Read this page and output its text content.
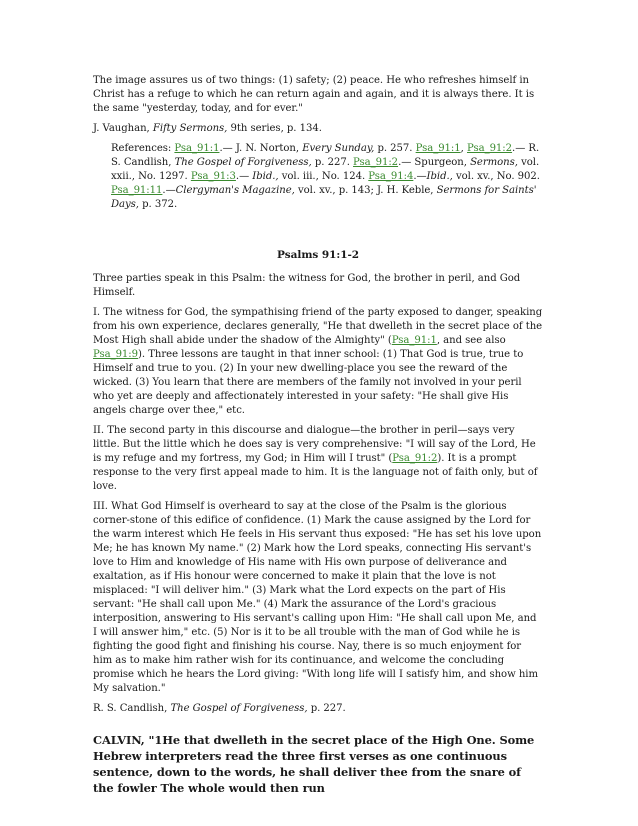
The image assures us of two things: (1) safety; (2) peace. He who refreshes himself in Christ has a refuge to which he can return again and again, and it is always there. It is the same "yesterday, today, and for ever."

J. Vaughan, Fifty Sermons, 9th series, p. 134.

References: Psa_91:1.— J. N. Norton, Every Sunday, p. 257. Psa_91:1, Psa_91:2.— R. S. Candlish, The Gospel of Forgiveness, p. 227. Psa_91:2.— Spurgeon, Sermons, vol. xxii., No. 1297. Psa_91:3.— Ibid., vol. iii., No. 124. Psa_91:4.—Ibid., vol. xv., No. 902. Psa_91:11.—Clergyman's Magazine, vol. xv., p. 143; J. H. Keble, Sermons for Saints' Days, p. 372.

Psalms 91:1-2

Three parties speak in this Psalm: the witness for God, the brother in peril, and God Himself.

I. The witness for God, the sympathising friend of the party exposed to danger, speaking from his own experience, declares generally, "He that dwelleth in the secret place of the Most High shall abide under the shadow of the Almighty" (Psa_91:1, and see also Psa_91:9). Three lessons are taught in that inner school: (1) That God is true, true to Himself and true to you. (2) In your new dwelling-place you see the reward of the wicked. (3) You learn that there are members of the family not involved in your peril who yet are deeply and affectionately interested in your safety: "He shall give His angels charge over thee," etc.

II. The second party in this discourse and dialogue—the brother in peril—says very little. But the little which he does say is very comprehensive: "I will say of the Lord, He is my refuge and my fortress, my God; in Him will I trust" (Psa_91:2). It is a prompt response to the very first appeal made to him. It is the language not of faith only, but of love.

III. What God Himself is overheard to say at the close of the Psalm is the glorious corner-stone of this edifice of confidence. (1) Mark the cause assigned by the Lord for the warm interest which He feels in His servant thus exposed: "He has set his love upon Me; he has known My name." (2) Mark how the Lord speaks, connecting His servant's love to Him and knowledge of His name with His own purpose of deliverance and exaltation, as if His honour were concerned to make it plain that the love is not misplaced: "I will deliver him." (3) Mark what the Lord expects on the part of His servant: "He shall call upon Me." (4) Mark the assurance of the Lord's gracious interposition, answering to His servant's calling upon Him: "He shall call upon Me, and I will answer him," etc. (5) Nor is it to be all trouble with the man of God while he is fighting the good fight and finishing his course. Nay, there is so much enjoyment for him as to make him rather wish for its continuance, and welcome the concluding promise which he hears the Lord giving: "With long life will I satisfy him, and show him My salvation."

R. S. Candlish, The Gospel of Forgiveness, p. 227.

CALVIN, "1He that dwelleth in the secret place of the High One. Some Hebrew interpreters read the three first verses as one continuous sentence, down to the words, he shall deliver thee from the snare of the fowler The whole would then run
